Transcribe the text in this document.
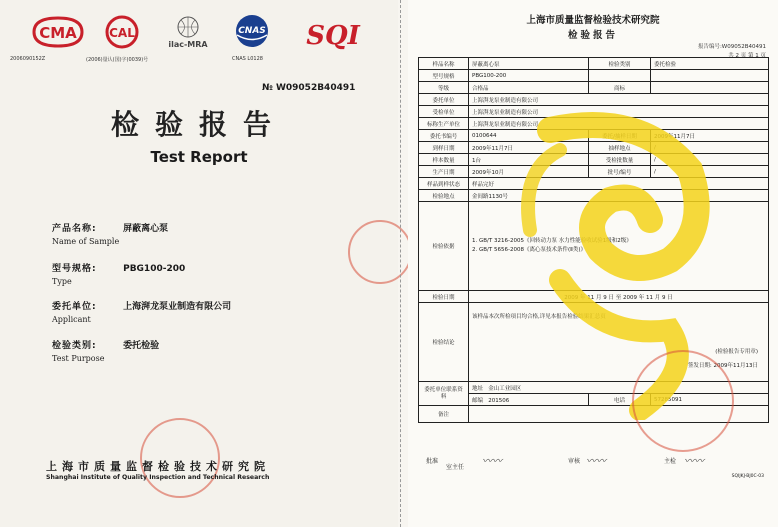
CMA	CAL
ilac-MRA
CNAS SQI
2006090152Z	(2006)量认(国)字(0039)号	CNAS L0128
№ W09052B40491
检验报告
Test Report
产品名称:	屏蔽离心泵
Name of Sample
型号规格:	PBG100-200
Type
委托单位:	上海湃龙泵业制造有限公司
Applicant
检验类别:	委托检验
Test Purpose
上海市质量监督检验技术研究院
Shanghai Institute of Quality Inspection and Technical Research
上海市质量监督检验技术研究院
检验报告
报告编号:W09052B40491
共 2 页 第 1 页
样品名称	屏蔽离心泵	检验类别	委托检验
型号规格	PBG100-200		
等级	合格品	商标	
委托单位	上海湃龙泵业制造有限公司		
受检单位	上海湃龙泵业制造有限公司		
标称生产单位	上海湃龙泵业制造有限公司		
委托书编号	0100644	委托/抽样日期	2009年11月7日
到样日期	2009年11月7日	抽样地点	/
样本数量	1台	受检批数量	/
生产日期	2009年10月	批号/编号	/
样品到样状态	样品完好		
检验地点	金间路1130号		
检验依据	1. GB/T 3216-2005《回转动力泵 水力性能验收试验1级和2级》
2. GB/T 5656-2008《离心泵技术条件(Ⅱ类)》		

检验日期	2009 年 11 月 9 日 至 2009 年 11 月 9 日		
检验结论	该样品本次所检项目均合格,详见本报告检验结果汇总页
(检验报告专用章)
签发日期: 2009年11月13日		

委托单位联系资料	地址 金山工业园区		
	邮编 201506	电话	57285091
备注			
批准
室主任
〰〰	审核 〰〰	主检 〰〰
SQIJKJ-BJ0C-03
